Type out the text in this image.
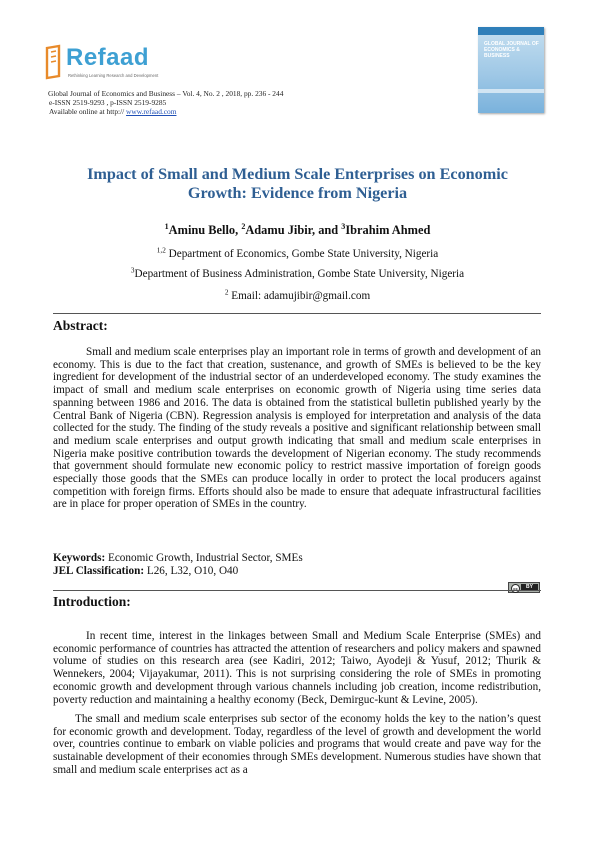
Refaad
Rethinking Learning Research and Development
GLOBAL JOURNAL OF ECONOMICS & BUSINESS
Global Journal of Economics and Business – Vol. 4, No. 2 , 2018, pp. 236 - 244
e-ISSN 2519-9293 , p-ISSN 2519-9285
Available online at http:// www.refaad.com
Impact of Small and Medium Scale Enterprises on Economic Growth: Evidence from Nigeria
$^1$Aminu Bello, $^2$Adamu Jibir, and $^3$Ibrahim Ahmed
$^{1,2}$ Department of Economics, Gombe State University, Nigeria
$^3$Department of Business Administration, Gombe State University, Nigeria
$^2$ Email: adamujibir@gmail.com
Abstract:

Small and medium scale enterprises play an important role in terms of growth and development of an economy. This is due to the fact that creation, sustenance, and growth of SMEs is believed to be the key ingredient for development of the industrial sector of an underdeveloped economy. The study examines the impact of small and medium scale enterprises on economic growth of Nigeria using time series data spanning between 1986 and 2016. The data is obtained from the statistical bulletin published yearly by the Central Bank of Nigeria (CBN). Regression analysis is employed for interpretation and analysis of the data collected for the study. The finding of the study reveals a positive and significant relationship between small and medium scale enterprises and output growth indicating that small and medium scale enterprises in Nigeria make positive contribution towards the development of Nigerian economy. The study recommends that government should formulate new economic policy to restrict massive importation of foreign goods especially those goods that the SMEs can produce locally in order to protect the local producers against competition with foreign firms. Efforts should also be made to ensure that adequate infrastructural facilities are in place for proper operation of SMEs in the country.

Keywords: Economic Growth, Industrial Sector, SMEs
JEL Classification: L26, L32, O10, O40
cc	BY
Introduction:

In recent time, interest in the linkages between Small and Medium Scale Enterprise (SMEs) and economic performance of countries has attracted the attention of researchers and policy makers and spawned volume of studies on this research area (see Kadiri, 2012; Taiwo, Ayodeji & Yusuf, 2012; Thurik & Wennekers, 2004; Vijayakumar, 2011). This is not surprising considering the role of SMEs in promoting economic growth and development through various channels including job creation, income redistribution, poverty reduction and maintaining a healthy economy (Beck, Demirguc-kunt & Levine, 2005).

The small and medium scale enterprises sub sector of the economy holds the key to the nation’s quest for economic growth and development. Today, regardless of the level of growth and development the world over, countries continue to embark on viable policies and programs that would create and pave way for the sustainable development of their economies through SMEs development. Numerous studies have shown that small and medium scale enterprises act as a
